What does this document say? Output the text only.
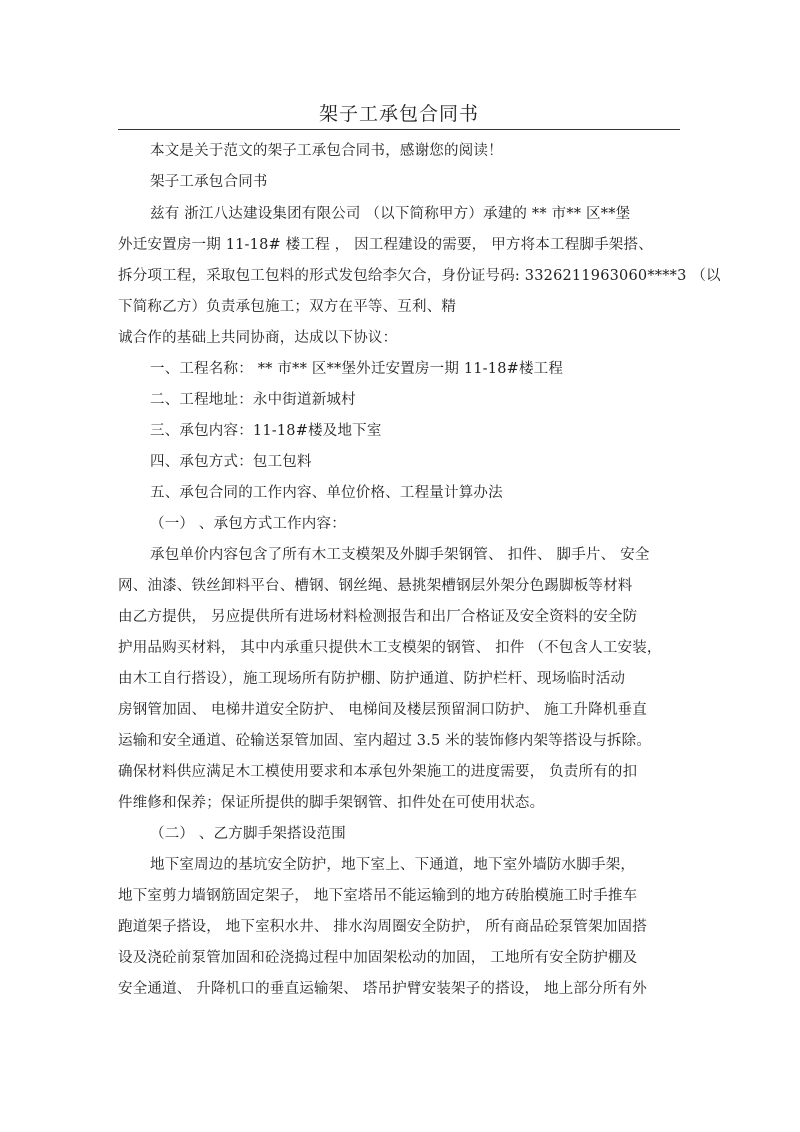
架子工承包合同书
本文是关于范文的架子工承包合同书，感谢您的阅读！
架子工承包合同书
兹有 浙江八达建设集团有限公司 （以下简称甲方）承建的 ** 市** 区**堡
外迁安置房一期 11-18# 楼工程 ， 因工程建设的需要， 甲方将本工程脚手架搭、
拆分项工程，采取包工包料的形式发包给李欠合，身份证号码: 3326211963060****3 （以
下简称乙方）负责承包施工；双方在平等、互利、精
诚合作的基础上共同协商，达成以下协议：
一、工程名称： ** 市** 区**堡外迁安置房一期 11-18#楼工程
二、工程地址：永中街道新城村
三、承包内容：11-18#楼及地下室
四、承包方式：包工包料
五、承包合同的工作内容、单位价格、工程量计算办法
（一） 、承包方式工作内容：
承包单价内容包含了所有木工支模架及外脚手架钢管、 扣件、 脚手片、 安全
网、油漆、铁丝卸料平台、槽钢、钢丝绳、悬挑架槽钢层外架分色踢脚板等材料
由乙方提供， 另应提供所有进场材料检测报告和出厂合格证及安全资料的安全防
护用品购买材料， 其中内承重只提供木工支模架的钢管、 扣件 （不包含人工安装，
由木工自行搭设），施工现场所有防护棚、防护通道、防护栏杆、现场临时活动
房钢管加固、 电梯井道安全防护、 电梯间及楼层预留洞口防护、 施工升降机垂直
运输和安全通道、砼输送泵管加固、室内超过 3.5 米的装饰修内架等搭设与拆除。
确保材料供应满足木工模使用要求和本承包外架施工的进度需要， 负责所有的扣
件维修和保养；保证所提供的脚手架钢管、扣件处在可使用状态。
（二） 、乙方脚手架搭设范围
地下室周边的基坑安全防护，地下室上、下通道，地下室外墙防水脚手架，
地下室剪力墙钢筋固定架子， 地下室塔吊不能运输到的地方砖胎模施工时手推车
跑道架子搭设， 地下室积水井、 排水沟周圈安全防护， 所有商品砼泵管架加固搭
设及浇砼前泵管加固和砼浇捣过程中加固架松动的加固， 工地所有安全防护棚及
安全通道、 升降机口的垂直运输架、 塔吊护臂安装架子的搭设， 地上部分所有外
